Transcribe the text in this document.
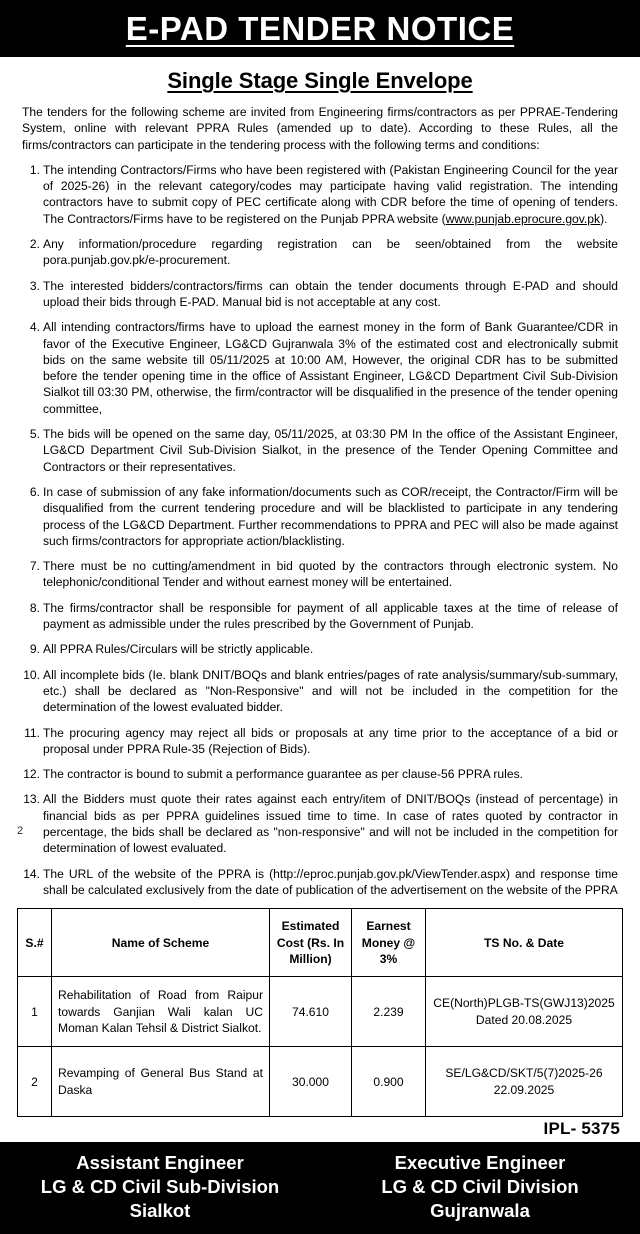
E-PAD TENDER NOTICE
Single Stage Single Envelope

The tenders for the following scheme are invited from Engineering firms/contractors as per PPRAE-Tendering System, online with relevant PPRA Rules (amended up to date). According to these Rules, all the firms/contractors can participate in the tendering process with the following terms and conditions:

1. The intending Contractors/Firms who have been registered with (Pakistan Engineering Council for the year of 2025-26) in the relevant category/codes may participate having valid registration. The intending contractors have to submit copy of PEC certificate along with CDR before the time of opening of tenders. The Contractors/Firms have to be registered on the Punjab PPRA website (www.punjab.eprocure.gov.pk).
2. Any information/procedure regarding registration can be seen/obtained from the website pora.punjab.gov.pk/e-procurement.
3. The interested bidders/contractors/firms can obtain the tender documents through E-PAD and should upload their bids through E-PAD. Manual bid is not acceptable at any cost.
4. All intending contractors/firms have to upload the earnest money in the form of Bank Guarantee/CDR in favor of the Executive Engineer, LG&CD Gujranwala 3% of the estimated cost and electronically submit bids on the same website till 05/11/2025 at 10:00 AM, However, the original CDR has to be submitted before the tender opening time in the office of Assistant Engineer, LG&CD Department Civil Sub-Division Sialkot till 03:30 PM, otherwise, the firm/contractor will be disqualified in the presence of the tender opening committee,
5. The bids will be opened on the same day, 05/11/2025, at 03:30 PM In the office of the Assistant Engineer, LG&CD Department Civil Sub-Division Sialkot, in the presence of the Tender Opening Committee and Contractors or their representatives.
6. In case of submission of any fake information/documents such as COR/receipt, the Contractor/Firm will be disqualified from the current tendering procedure and will be blacklisted to participate in any tendering process of the LG&CD Department. Further recommendations to PPRA and PEC will also be made against such firms/contractors for appropriate action/blacklisting.
7. There must be no cutting/amendment in bid quoted by the contractors through electronic system. No telephonic/conditional Tender and without earnest money will be entertained.
8. The firms/contractor shall be responsible for payment of all applicable taxes at the time of release of payment as admissible under the rules prescribed by the Government of Punjab.
9. All PPRA Rules/Circulars will be strictly applicable.
10. All incomplete bids (Ie. blank DNIT/BOQs and blank entries/pages of rate analysis/summary/sub-summary, etc.) shall be declared as "Non-Responsive" and will not be included in the competition for the determination of the lowest evaluated bidder.
11. The procuring agency may reject all bids or proposals at any time prior to the acceptance of a bid or proposal under PPRA Rule-35 (Rejection of Bids).
12. The contractor is bound to submit a performance guarantee as per clause-56 PPRA rules.
13. All the Bidders must quote their rates against each entry/item of DNIT/BOQs (instead of percentage) in financial bids as per PPRA guidelines issued time to time. In case of rates quoted by contractor in percentage, the bids shall be declared as "non-responsive" and will not be included in the competition for determination of lowest evaluated.
14. The URL of the website of the PPRA is (http://eproc.punjab.gov.pk/ViewTender.aspx) and response time shall be calculated exclusively from the date of publication of the advertisement on the website of the PPRA
2
S.#	Name of Scheme	Estimated Cost (Rs. In Million)	Earnest Money @ 3%	TS No. & Date
1	Rehabilitation of Road from Raipur towards Ganjian Wali kalan UC Moman Kalan Tehsil & District Sialkot.	74.610	2.239	CE(North)PLGB-TS(GWJ13)2025 Dated 20.08.2025
2	Revamping of General Bus Stand at Daska	30.000	0.900	SE/LG&CD/SKT/5(7)2025-26 22.09.2025
IPL- 5375
Assistant Engineer
LG & CD Civil Sub-Division
Sialkot
Executive Engineer
LG & CD Civil Division
Gujranwala
